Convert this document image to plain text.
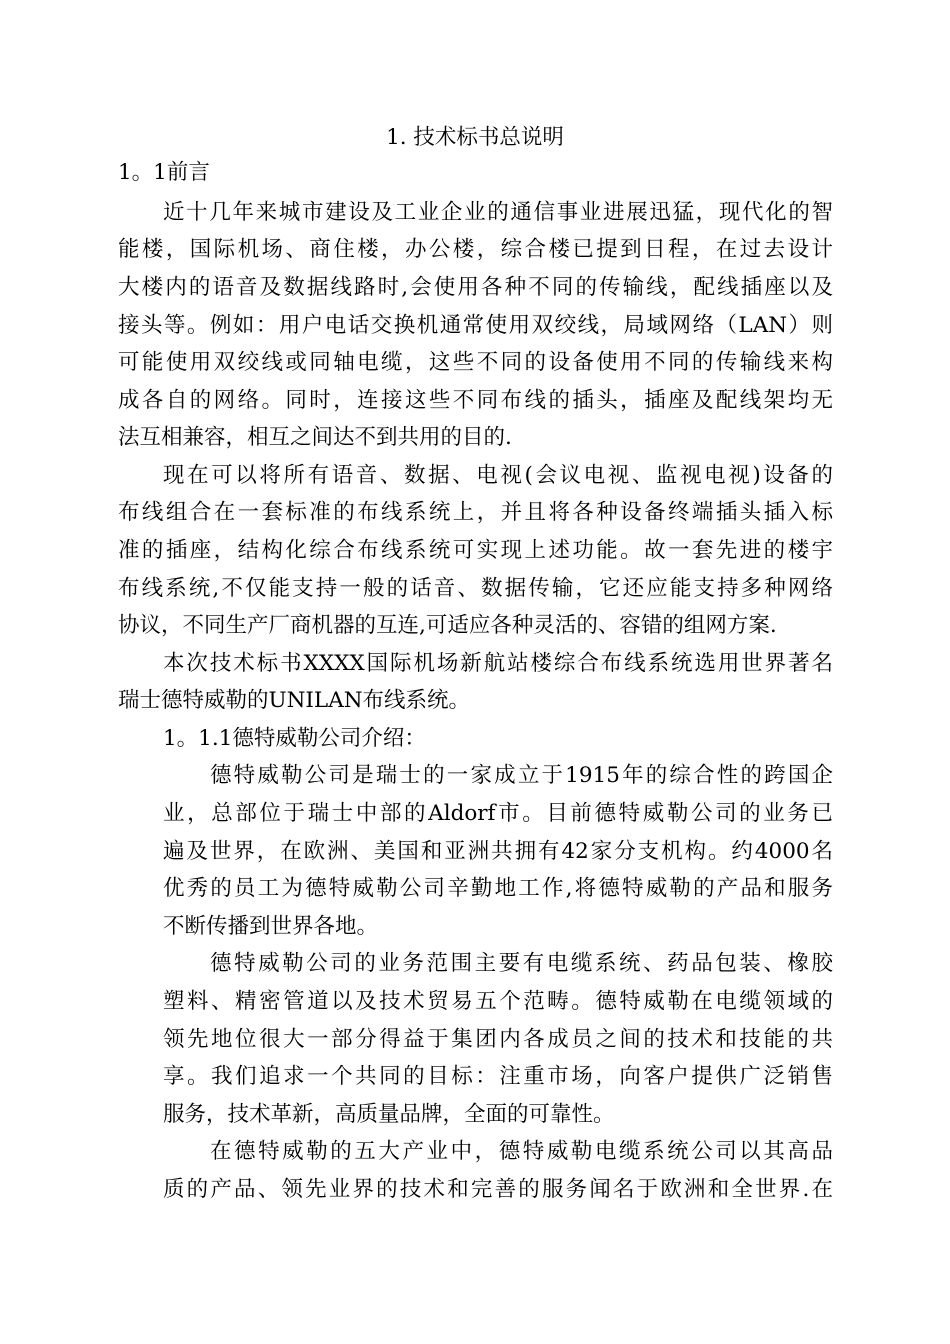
1. 技术标书总说明
1。1前言
近十几年来城市建设及工业企业的通信事业进展迅猛，现代化的智
能楼，国际机场、商住楼，办公楼，综合楼已提到日程，在过去设计
大楼内的语音及数据线路时,会使用各种不同的传输线，配线插座以及
接头等。例如：用户电话交换机通常使用双绞线，局域网络（LAN）则
可能使用双绞线或同轴电缆，这些不同的设备使用不同的传输线来构
成各自的网络。同时，连接这些不同布线的插头，插座及配线架均无
法互相兼容，相互之间达不到共用的目的.
现在可以将所有语音、数据、电视(会议电视、监视电视)设备的
布线组合在一套标准的布线系统上，并且将各种设备终端插头插入标
准的插座，结构化综合布线系统可实现上述功能。故一套先进的楼宇
布线系统,不仅能支持一般的话音、数据传输，它还应能支持多种网络
协议，不同生产厂商机器的互连,可适应各种灵活的、容错的组网方案.
本次技术标书XXXX国际机场新航站楼综合布线系统选用世界著名
瑞士德特威勒的UNILAN布线系统。
1。1.1德特威勒公司介绍：
德特威勒公司是瑞士的一家成立于1915年的综合性的跨国企
业，总部位于瑞士中部的Aldorf市。目前德特威勒公司的业务已
遍及世界，在欧洲、美国和亚洲共拥有42家分支机构。约4000名
优秀的员工为德特威勒公司辛勤地工作,将德特威勒的产品和服务
不断传播到世界各地。
德特威勒公司的业务范围主要有电缆系统、药品包装、橡胶
塑料、精密管道以及技术贸易五个范畴。德特威勒在电缆领域的
领先地位很大一部分得益于集团内各成员之间的技术和技能的共
享。我们追求一个共同的目标：注重市场，向客户提供广泛销售
服务，技术革新，高质量品牌，全面的可靠性。
在德特威勒的五大产业中，德特威勒电缆系统公司以其高品
质的产品、领先业界的技术和完善的服务闻名于欧洲和全世界.在
